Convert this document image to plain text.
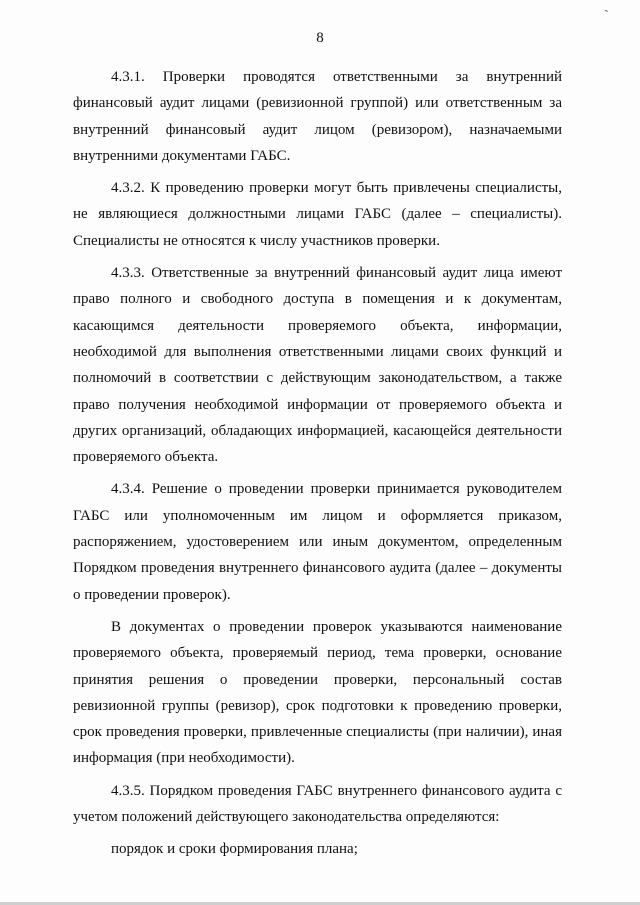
ˋ
8

4.3.1. Проверки проводятся ответственными за внутренний финансовый аудит лицами (ревизионной группой) или ответственным за внутренний финансовый аудит лицом (ревизором), назначаемыми внутренними документами ГАБС.

4.3.2. К проведению проверки могут быть привлечены специалисты, не являющиеся должностными лицами ГАБС (далее – специалисты). Специалисты не относятся к числу участников проверки.

4.3.3. Ответственные за внутренний финансовый аудит лица имеют право полного и свободного доступа в помещения и к документам, касающимся деятельности проверяемого объекта, информации, необходимой для выполнения ответственными лицами своих функций и полномочий в соответствии с действующим законодательством, а также право получения необходимой информации от проверяемого объекта и других организаций, обладающих информацией, касающейся деятельности проверяемого объекта.

4.3.4. Решение о проведении проверки принимается руководителем ГАБС или уполномоченным им лицом и оформляется приказом, распоряжением, удостоверением или иным документом, определенным Порядком проведения внутреннего финансового аудита (далее – документы о проведении проверок).

В документах о проведении проверок указываются наименование проверяемого объекта, проверяемый период, тема проверки, основание принятия решения о проведении проверки, персональный состав ревизионной группы (ревизор), срок подготовки к проведению проверки, срок проведения проверки, привлеченные специалисты (при наличии), иная информация (при необходимости).

4.3.5. Порядком проведения ГАБС внутреннего финансового аудита с учетом положений действующего законодательства определяются:

порядок и сроки формирования плана;
